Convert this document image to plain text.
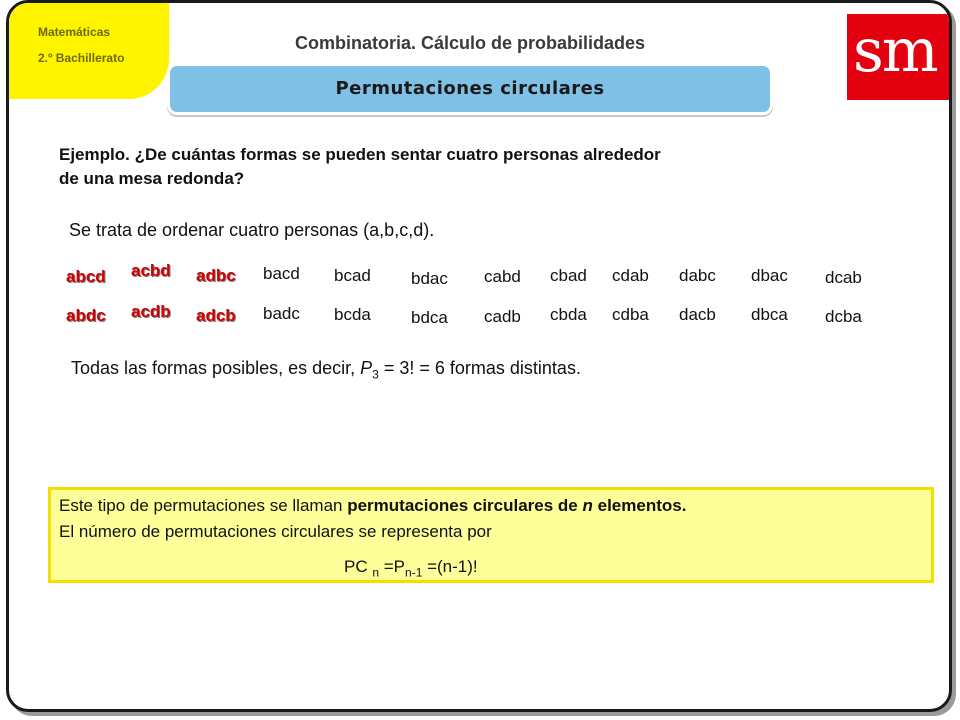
Matemáticas
2.º Bachillerato
Combinatoria. Cálculo de probabilidades
Permutaciones circulares
sm
Ejemplo. ¿De cuántas formas se pueden sentar cuatro personas alrededor
de una mesa redonda?
Se trata de ordenar cuatro personas (a,b,c,d).
abcd acbd adbc bacd bcad bdac cabd cbad cdab dabc dbac dcab
abdc acdb adcb badc bcda bdca cadb cbda cdba dacb dbca dcba
Todas las formas posibles, es decir, $P_3 = 3$! = 6 formas distintas.
Este tipo de permutaciones se llaman permutaciones circulares de n elementos.
El número de permutaciones circulares se representa por
PC $_n =P_{n-1} =(n-1)$!
